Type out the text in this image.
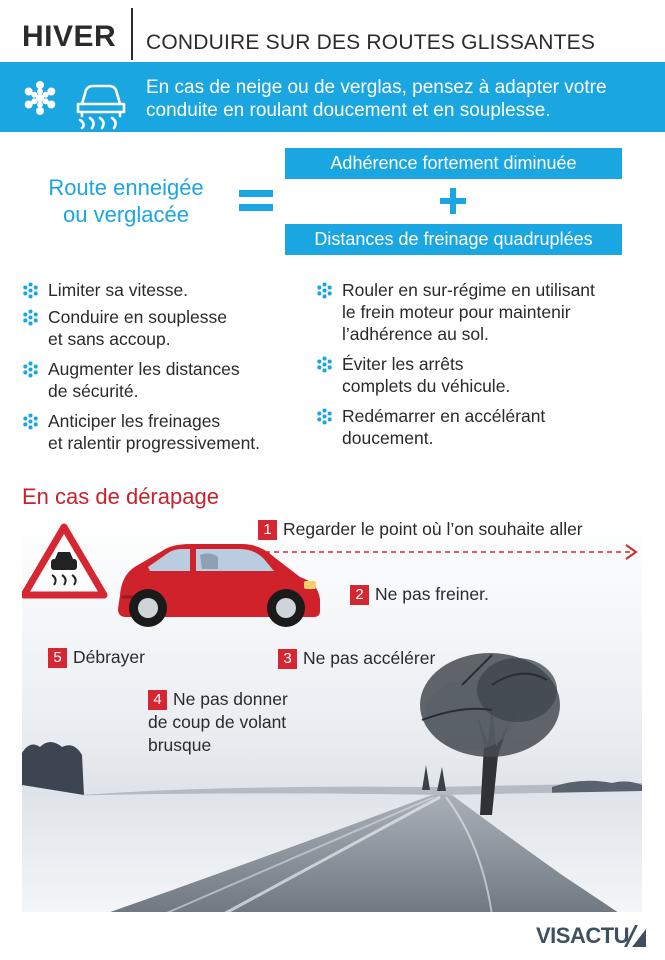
HIVER CONDUIRE SUR DES ROUTES GLISSANTES
En cas de neige ou de verglas, pensez à adapter votre conduite en roulant doucement et en souplesse.
Route enneigée
ou verglacée
Adhérence fortement diminuée
Distances de freinage quadruplées
Limiter sa vitesse.
Conduire en souplesse
et sans accoup.
Augmenter les distances
de sécurité.
Anticiper les freinages
et ralentir progressivement.
Rouler en sur-régime en utilisant
le frein moteur pour maintenir
l’adhérence au sol.
Éviter les arrêts
complets du véhicule.
Redémarrer en accélérant
doucement.
En cas de dérapage
1 Regarder le point où l’on souhaite aller
2 Ne pas freiner.
3 Ne pas accélérer
4 Ne pas donner
de coup de volant
brusque
5 Débrayer
VISACTU
